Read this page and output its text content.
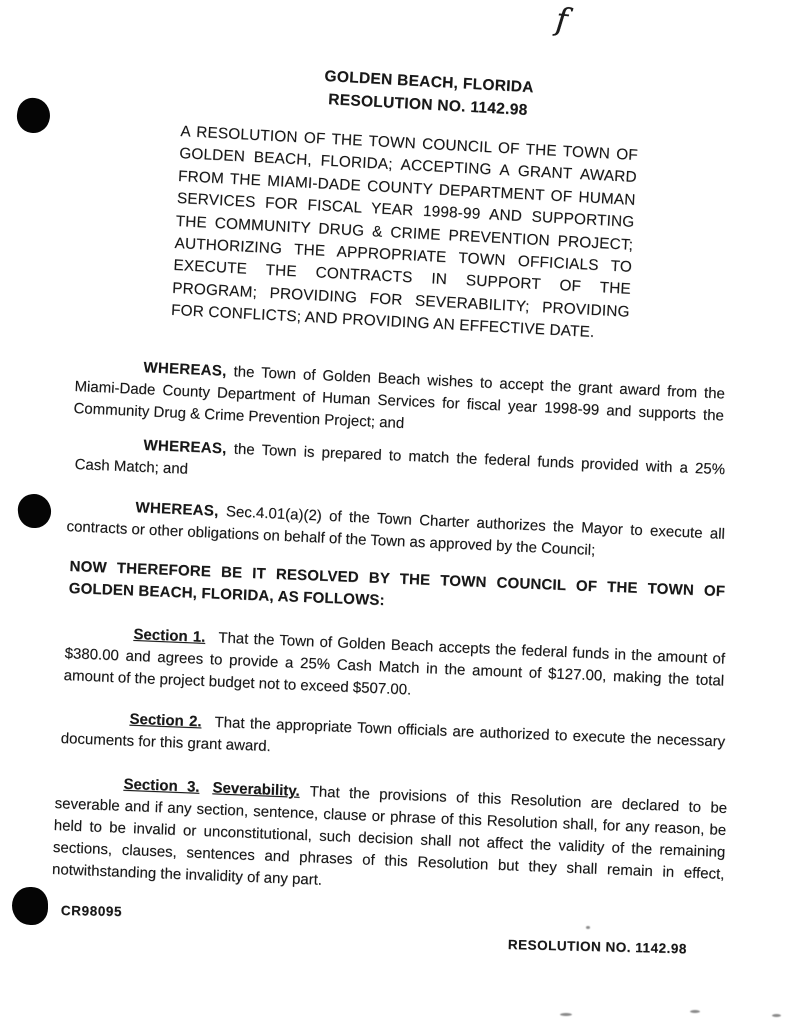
f
GOLDEN BEACH, FLORIDA
RESOLUTION NO. 1142.98

A RESOLUTION OF THE TOWN COUNCIL OF THE TOWN OF GOLDEN BEACH, FLORIDA; ACCEPTING A GRANT AWARD FROM THE MIAMI-DADE COUNTY DEPARTMENT OF HUMAN SERVICES FOR FISCAL YEAR 1998-99 AND SUPPORTING THE COMMUNITY DRUG & CRIME PREVENTION PROJECT; AUTHORIZING THE APPROPRIATE TOWN OFFICIALS TO EXECUTE THE CONTRACTS IN SUPPORT OF THE PROGRAM; PROVIDING FOR SEVERABILITY; PROVIDING FOR CONFLICTS; AND PROVIDING AN EFFECTIVE DATE.

WHEREAS, the Town of Golden Beach wishes to accept the grant award from the Miami-Dade County Department of Human Services for fiscal year 1998-99 and supports the Community Drug & Crime Prevention Project; and

WHEREAS, the Town is prepared to match the federal funds provided with a 25% Cash Match; and

WHEREAS, Sec.4.01(a)(2) of the Town Charter authorizes the Mayor to execute all contracts or other obligations on behalf of the Town as approved by the Council;

NOW THEREFORE BE IT RESOLVED BY THE TOWN COUNCIL OF THE TOWN OF GOLDEN BEACH, FLORIDA, AS FOLLOWS:

Section 1. That the Town of Golden Beach accepts the federal funds in the amount of $380.00 and agrees to provide a 25% Cash Match in the amount of $127.00, making the total amount of the project budget not to exceed $507.00.

Section 2. That the appropriate Town officials are authorized to execute the necessary documents for this grant award.

Section 3. Severability. That the provisions of this Resolution are declared to be severable and if any section, sentence, clause or phrase of this Resolution shall, for any reason, be held to be invalid or unconstitutional, such decision shall not affect the validity of the remaining sections, clauses, sentences and phrases of this Resolution but they shall remain in effect, notwithstanding the invalidity of any part.

CR98095
RESOLUTION NO. 1142.98
